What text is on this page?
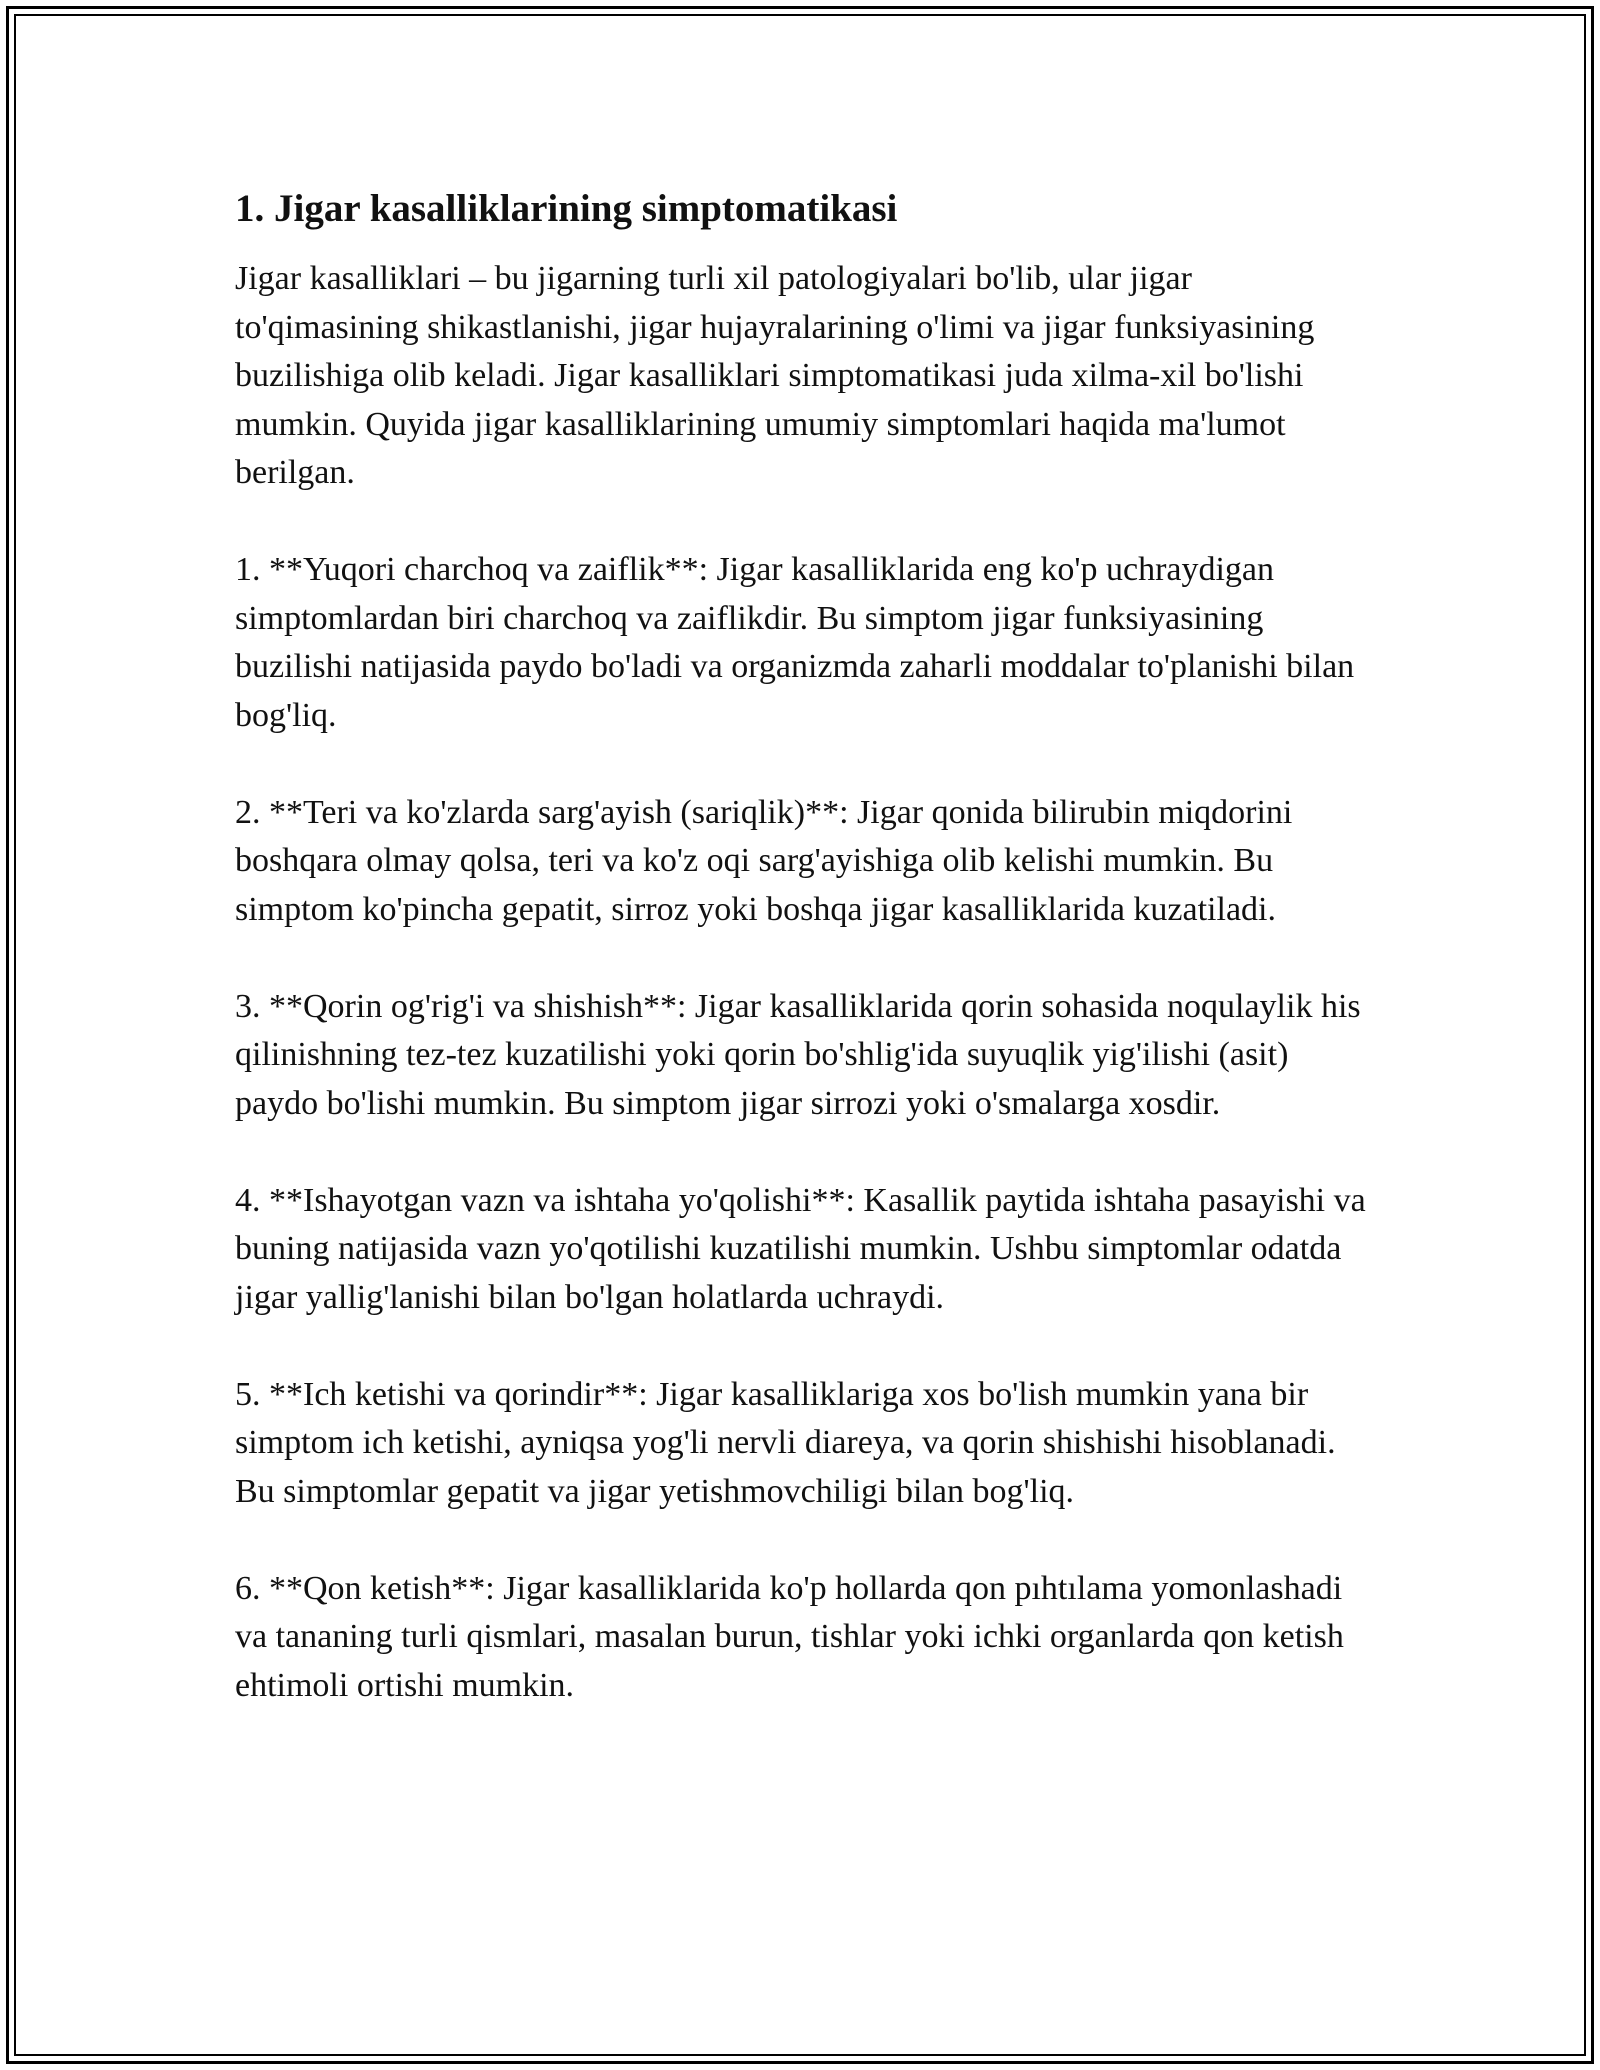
1. Jigar kasalliklarining simptomatikasi

Jigar kasalliklari – bu jigarning turli xil patologiyalari bo'lib, ular jigar to'qimasining shikastlanishi, jigar hujayralarining o'limi va jigar funksiyasining buzilishiga olib keladi. Jigar kasalliklari simptomatikasi juda xilma-xil bo'lishi mumkin. Quyida jigar kasalliklarining umumiy simptomlari haqida ma'lumot berilgan.

1. **Yuqori charchoq va zaiflik**: Jigar kasalliklarida eng ko'p uchraydigan simptomlardan biri charchoq va zaiflikdir. Bu simptom jigar funksiyasining buzilishi natijasida paydo bo'ladi va organizmda zaharli moddalar to'planishi bilan bog'liq.

2. **Teri va ko'zlarda sarg'ayish (sariqlik)**: Jigar qonida bilirubin miqdorini boshqara olmay qolsa, teri va ko'z oqi sarg'ayishiga olib kelishi mumkin. Bu simptom ko'pincha gepatit, sirroz yoki boshqa jigar kasalliklarida kuzatiladi.

3. **Qorin og'rig'i va shishish**: Jigar kasalliklarida qorin sohasida noqulaylik his qilinishning tez-tez kuzatilishi yoki qorin bo'shlig'ida suyuqlik yig'ilishi (asit) paydo bo'lishi mumkin. Bu simptom jigar sirrozi yoki o'smalarga xosdir.

4. **Ishayotgan vazn va ishtaha yo'qolishi**: Kasallik paytida ishtaha pasayishi va buning natijasida vazn yo'qotilishi kuzatilishi mumkin. Ushbu simptomlar odatda jigar yallig'lanishi bilan bo'lgan holatlarda uchraydi.

5. **Ich ketishi va qorindir**: Jigar kasalliklariga xos bo'lish mumkin yana bir simptom ich ketishi, ayniqsa yog'li nervli diareya, va qorin shishishi hisoblanadi. Bu simptomlar gepatit va jigar yetishmovchiligi bilan bog'liq.

6. **Qon ketish**: Jigar kasalliklarida ko'p hollarda qon pıhtılama yomonlashadi va tananing turli qismlari, masalan burun, tishlar yoki ichki organlarda qon ketish ehtimoli ortishi mumkin.
